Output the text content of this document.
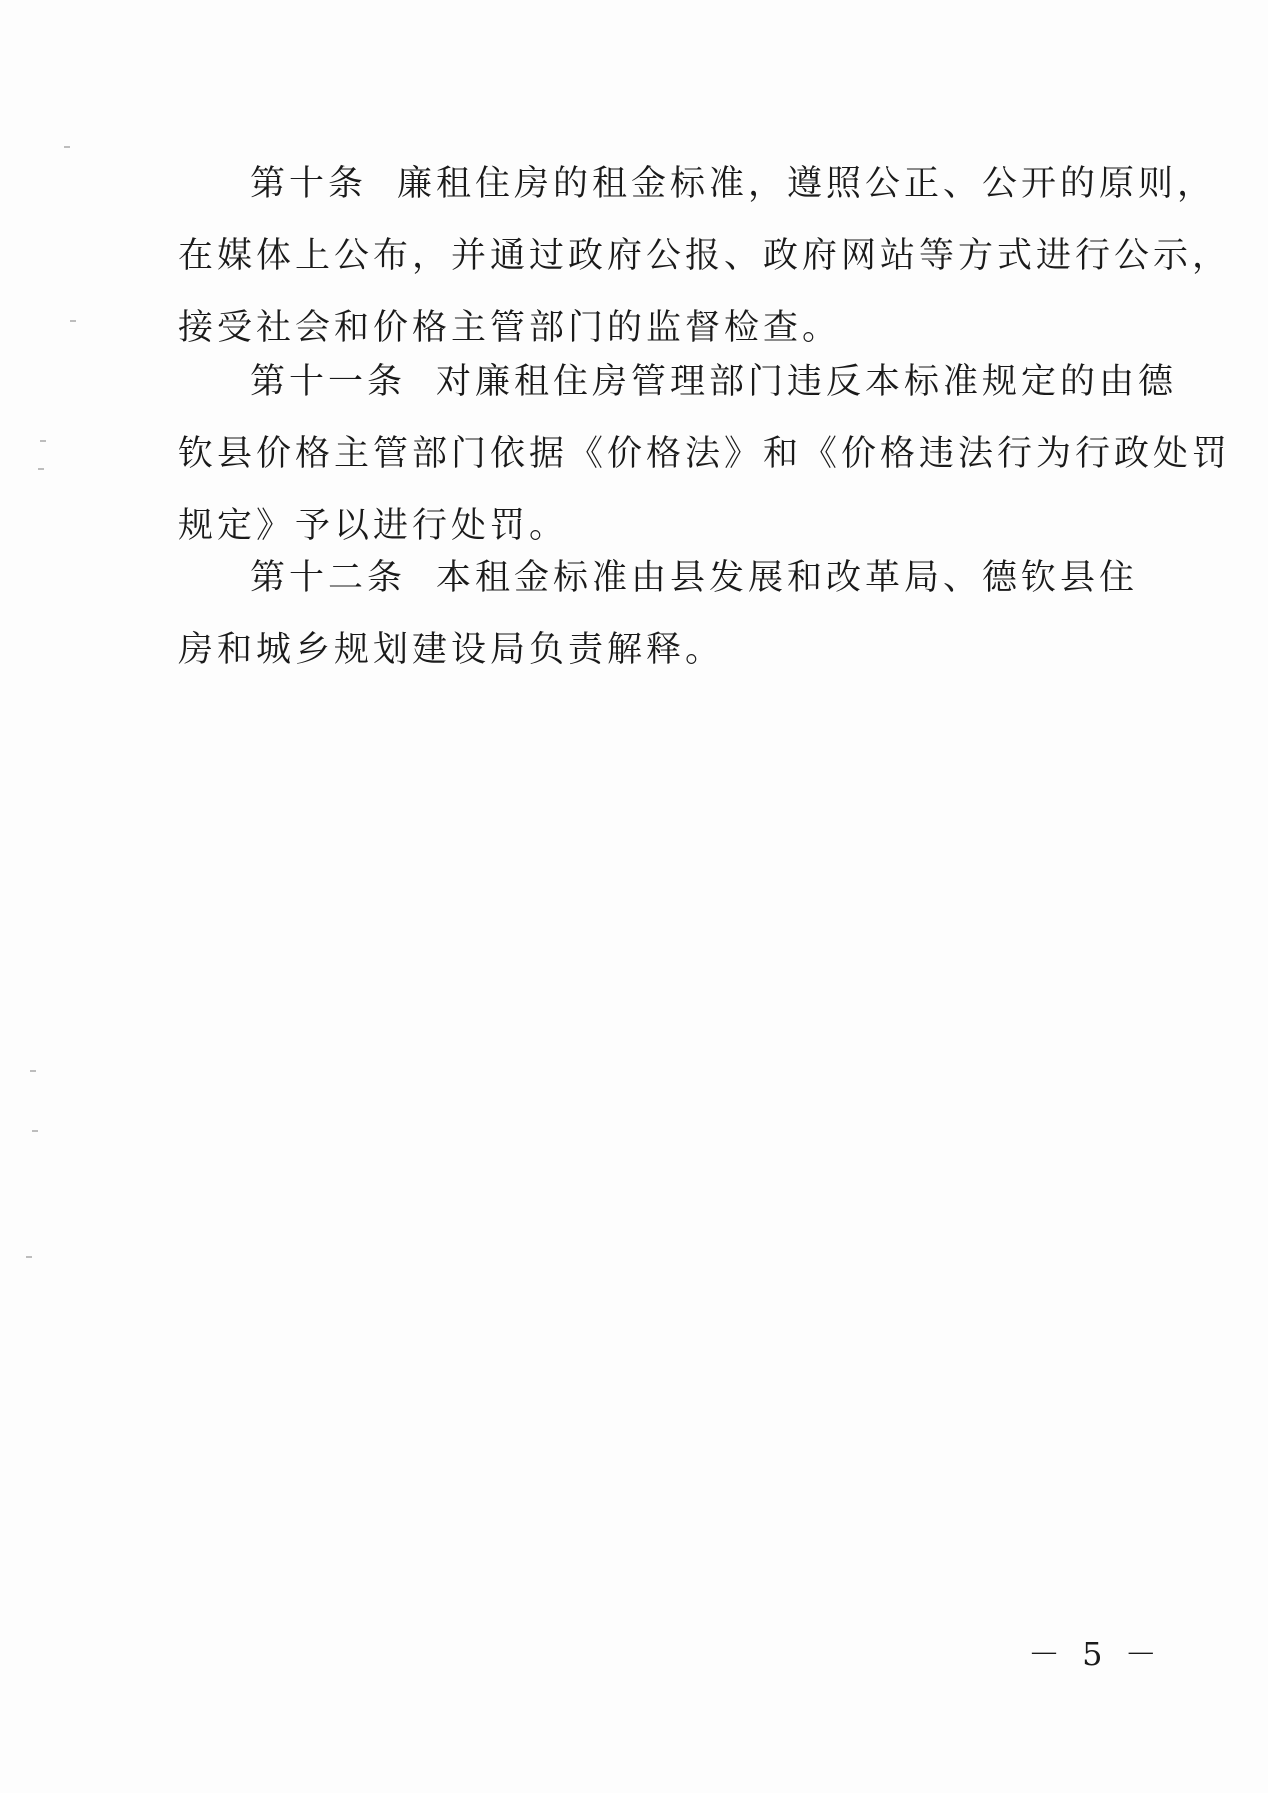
第十条 廉租住房的租金标准，遵照公正、公开的原则，
在媒体上公布，并通过政府公报、政府网站等方式进行公示，
接受社会和价格主管部门的监督检查。

第十一条 对廉租住房管理部门违反本标准规定的由德
钦县价格主管部门依据《价格法》和《价格违法行为行政处罚
规定》予以进行处罚。

第十二条 本租金标准由县发展和改革局、德钦县住
房和城乡规划建设局负责解释。

－ 5 －
